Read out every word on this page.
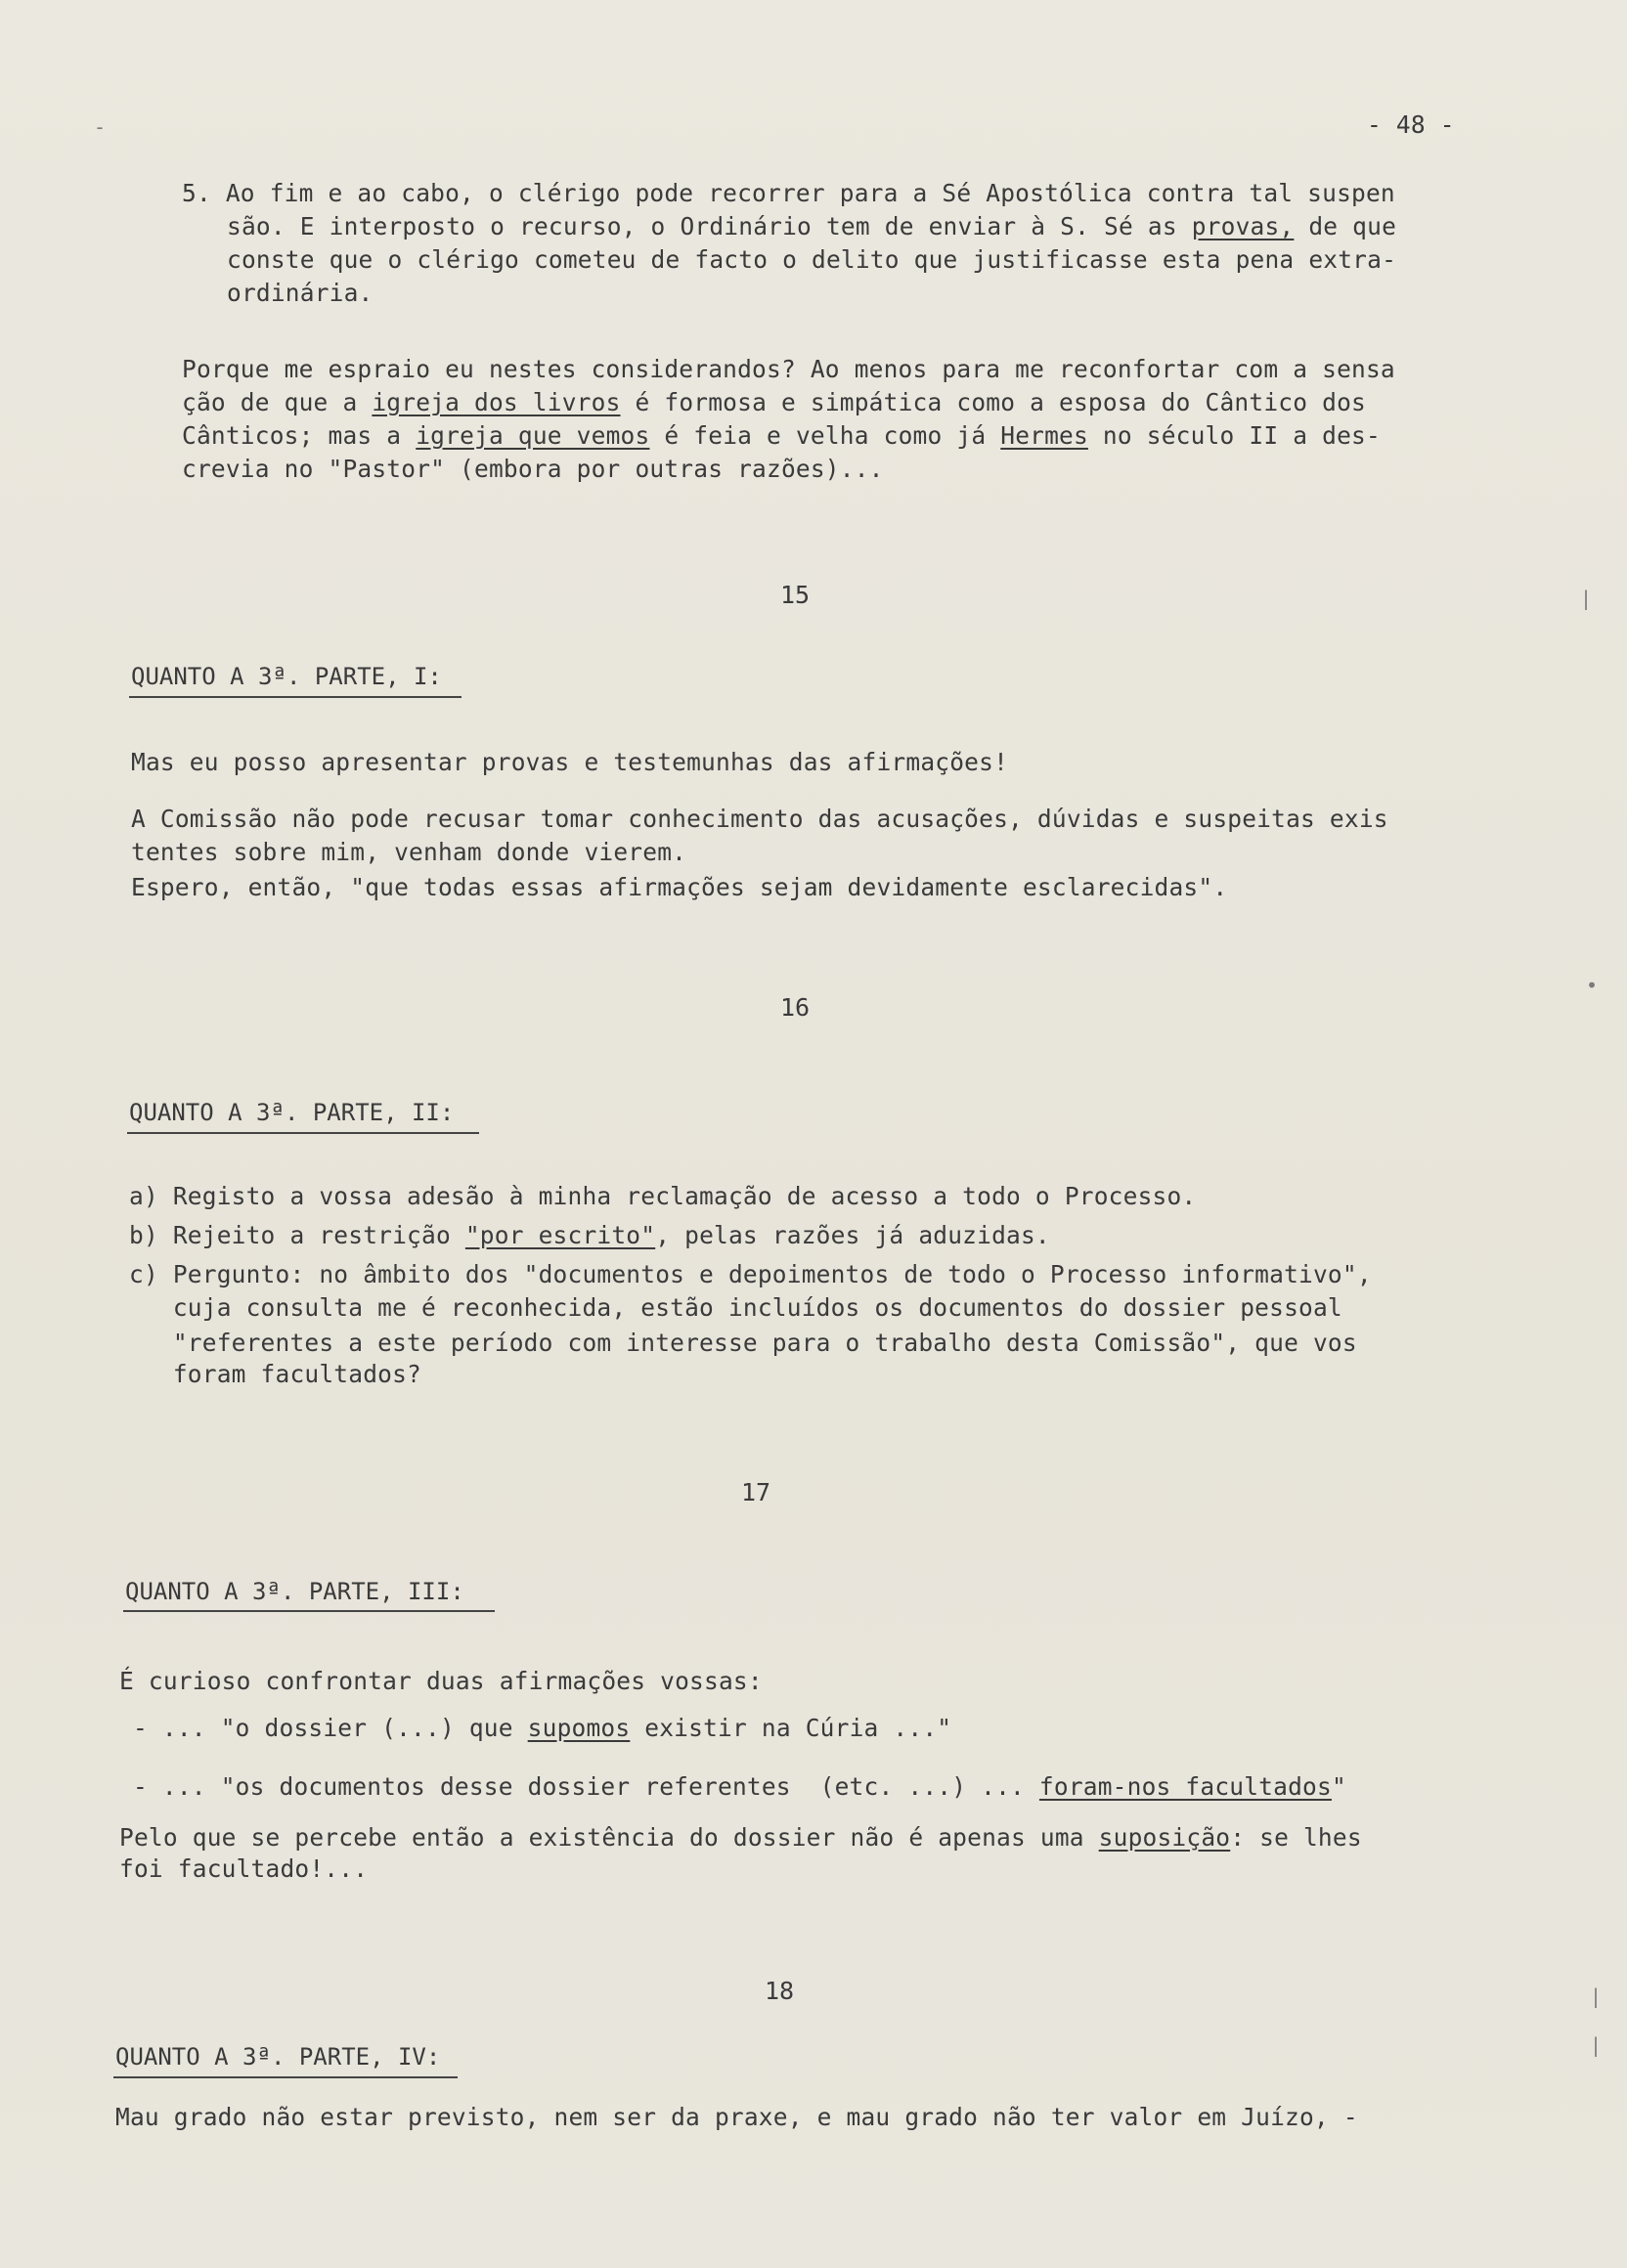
- 48 -
5. Ao fim e ao cabo, o clérigo pode recorrer para a Sé Apostólica contra tal suspen
são. E interposto o recurso, o Ordinário tem de enviar à S. Sé as provas, de que
conste que o clérigo cometeu de facto o delito que justificasse esta pena extra-
ordinária.
Porque me espraio eu nestes considerandos? Ao menos para me reconfortar com a sensa
ção de que a igreja dos livros é formosa e simpática como a esposa do Cântico dos
Cânticos; mas a igreja que vemos é feia e velha como já Hermes no século II a des-
crevia no "Pastor" (embora por outras razões)...
15
QUANTO A 3ª. PARTE, I:
Mas eu posso apresentar provas e testemunhas das afirmações!
A Comissão não pode recusar tomar conhecimento das acusações, dúvidas e suspeitas exis
tentes sobre mim, venham donde vierem.
Espero, então, "que todas essas afirmações sejam devidamente esclarecidas".
16
QUANTO A 3ª. PARTE, II:
a) Registo a vossa adesão à minha reclamação de acesso a todo o Processo.
b) Rejeito a restrição "por escrito", pelas razões já aduzidas.
c) Pergunto: no âmbito dos "documentos e depoimentos de todo o Processo informativo",
cuja consulta me é reconhecida, estão incluídos os documentos do dossier pessoal
"referentes a este período com interesse para o trabalho desta Comissão", que vos
foram facultados?
17
QUANTO A 3ª. PARTE, III:
É curioso confrontar duas afirmações vossas:
- ... "o dossier (...) que supomos existir na Cúria ..."
- ... "os documentos desse dossier referentes  (etc. ...) ... foram-nos facultados"
Pelo que se percebe então a existência do dossier não é apenas uma suposição: se lhes
foi facultado!...
18
QUANTO A 3ª. PARTE, IV:
Mau grado não estar previsto, nem ser da praxe, e mau grado não ter valor em Juízo, -
-
|
•
|
|
